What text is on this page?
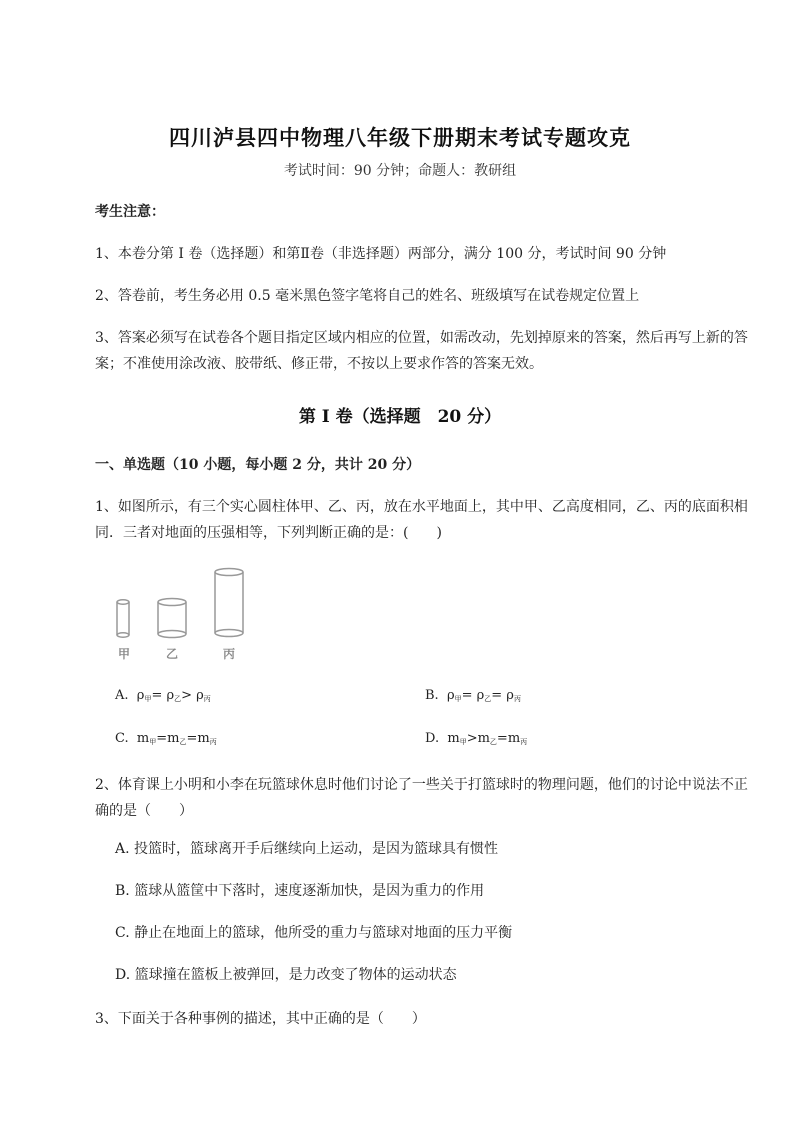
四川泸县四中物理八年级下册期末考试专题攻克
考试时间：90 分钟；命题人：教研组
考生注意：
1、本卷分第 I 卷（选择题）和第Ⅱ卷（非选择题）两部分，满分 100 分，考试时间 90 分钟
2、答卷前，考生务必用 0.5 毫米黑色签字笔将自己的姓名、班级填写在试卷规定位置上
3、答案必须写在试卷各个题目指定区域内相应的位置，如需改动，先划掉原来的答案，然后再写上新的答案；不准使用涂改液、胶带纸、修正带，不按以上要求作答的答案无效。
第 I 卷（选择题　20 分）
一、单选题（10 小题，每小题 2 分，共计 20 分）
1、如图所示，有三个实心圆柱体甲、乙、丙，放在水平地面上，其中甲、乙高度相同，乙、丙的底面积相同．三者对地面的压强相等，下列判断正确的是：(　　)
甲	乙	丙
A. $\rho_甲= \rho_乙> \rho_丙$	B. $\rho_甲= \rho_乙= \rho_丙$
C. $m_甲=m_乙=m_丙$	D. $m_甲>m_乙=m_丙$
2、体育课上小明和小李在玩篮球休息时他们讨论了一些关于打篮球时的物理问题，他们的讨论中说法不正确的是（　　）
A. 投篮时，篮球离开手后继续向上运动，是因为篮球具有惯性
B. 篮球从篮筐中下落时，速度逐渐加快，是因为重力的作用
C. 静止在地面上的篮球，他所受的重力与篮球对地面的压力平衡
D. 篮球撞在篮板上被弹回，是力改变了物体的运动状态
3、下面关于各种事例的描述，其中正确的是（　　）
